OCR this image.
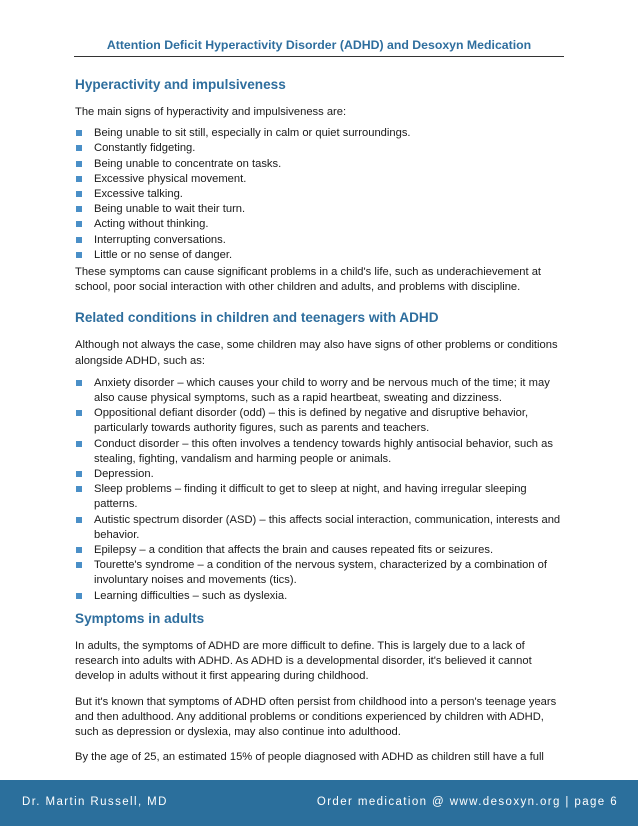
Attention Deficit Hyperactivity Disorder (ADHD) and Desoxyn Medication
Hyperactivity and impulsiveness

The main signs of hyperactivity and impulsiveness are:

Being unable to sit still, especially in calm or quiet surroundings.
Constantly fidgeting.
Being unable to concentrate on tasks.
Excessive physical movement.
Excessive talking.
Being unable to wait their turn.
Acting without thinking.
Interrupting conversations.
Little or no sense of danger.

These symptoms can cause significant problems in a child's life, such as underachievement at school, poor social interaction with other children and adults, and problems with discipline.

Related conditions in children and teenagers with ADHD

Although not always the case, some children may also have signs of other problems or conditions alongside ADHD, such as:

Anxiety disorder – which causes your child to worry and be nervous much of the time; it may also cause physical symptoms, such as a rapid heartbeat, sweating and dizziness.
Oppositional defiant disorder (odd) – this is defined by negative and disruptive behavior, particularly towards authority figures, such as parents and teachers.
Conduct disorder – this often involves a tendency towards highly antisocial behavior, such as stealing, fighting, vandalism and harming people or animals.
Depression.
Sleep problems – finding it difficult to get to sleep at night, and having irregular sleeping patterns.
Autistic spectrum disorder (ASD) – this affects social interaction, communication, interests and behavior.
Epilepsy – a condition that affects the brain and causes repeated fits or seizures.
Tourette's syndrome – a condition of the nervous system, characterized by a combination of involuntary noises and movements (tics).
Learning difficulties – such as dyslexia.
Symptoms in adults

In adults, the symptoms of ADHD are more difficult to define. This is largely due to a lack of research into adults with ADHD. As ADHD is a developmental disorder, it's believed it cannot develop in adults without it first appearing during childhood.

But it's known that symptoms of ADHD often persist from childhood into a person's teenage years and then adulthood. Any additional problems or conditions experienced by children with ADHD, such as depression or dyslexia, may also continue into adulthood.

By the age of 25, an estimated 15% of people diagnosed with ADHD as children still have a full

Dr. Martin Russell, MD	Order medication @ www.desoxyn.org | page 6
